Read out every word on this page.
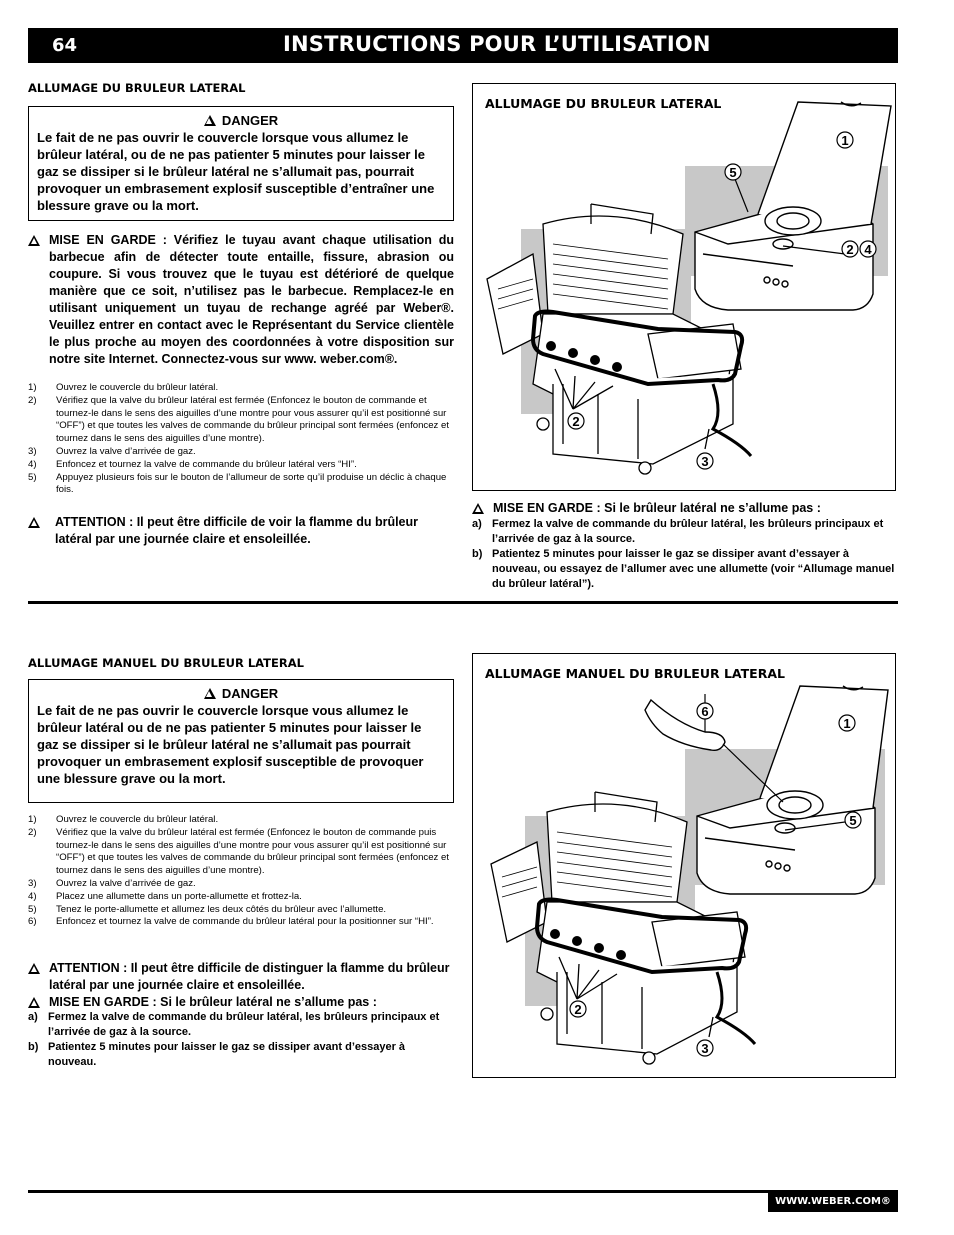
64	INSTRUCTIONS POUR L’UTILISATION
ALLUMAGE DU BRULEUR LATERAL
DANGER
Le fait de ne pas ouvrir le couvercle lorsque vous allumez le brûleur latéral, ou de ne pas patienter 5 minutes pour laisser le gaz se dissiper si le brûleur latéral ne s’allumait pas, pourrait provoquer un embrasement explosif susceptible d’entraîner une blessure grave ou la mort.
MISE EN GARDE : Vérifiez le tuyau avant chaque utilisation du barbecue afin de détecter toute entaille, fissure, abrasion ou coupure. Si vous trouvez que le tuyau est détérioré de quelque manière que ce soit, n’utilisez pas le barbecue. Remplacez-le en utilisant uniquement un tuyau de rechange agréé par Weber®. Veuillez entrer en contact avec le Représentant du Service clientèle le plus proche au moyen des coordonnées à votre disposition sur notre site Internet. Connectez-vous sur www. weber.com®.
1) Ouvrez le couvercle du brûleur latéral.
2) Vérifiez que la valve du brûleur latéral est fermée (Enfoncez le bouton de commande et tournez-le dans le sens des aiguilles d’une montre pour vous assurer qu’il est positionné sur “OFF”) et que toutes les valves de commande du brûleur principal sont fermées (enfoncez et tournez dans le sens des aiguilles d’une montre).
3) Ouvrez la valve d’arrivée de gaz.
4) Enfoncez et tournez la valve de commande du brûleur latéral vers “HI”.
5) Appuyez plusieurs fois sur le bouton de l’allumeur de sorte qu’il produise un déclic à chaque fois.
ATTENTION : Il peut être difficile de voir la flamme du brûleur latéral par une journée claire et ensoleillée.
ALLUMAGE DU BRULEUR LATERAL
1
5
2 4
2
3
MISE EN GARDE : Si le brûleur latéral ne s’allume pas :
a) Fermez la valve de commande du brûleur latéral, les brûleurs principaux et l’arrivée de gaz à la source.
b) Patientez 5 minutes pour laisser le gaz se dissiper avant d’essayer à nouveau, ou essayez de l’allumer avec une allumette (voir “Allumage manuel du brûleur latéral”).
ALLUMAGE MANUEL DU BRULEUR LATERAL
DANGER
Le fait de ne pas ouvrir le couvercle lorsque vous allumez le brûleur latéral ou de ne pas patienter 5 minutes pour laisser le gaz se dissiper si le brûleur latéral ne s’allumait pas pourrait provoquer un embrasement explosif susceptible de provoquer une blessure grave ou la mort.
1) Ouvrez le couvercle du brûleur latéral.
2) Vérifiez que la valve du brûleur latéral est fermée (Enfoncez le bouton de commande puis tournez-le dans le sens des aiguilles d’une montre pour vous assurer qu’il est positionné sur “OFF”) et que toutes les valves de commande du brûleur principal sont fermées (enfoncez et tournez dans le sens des aiguilles d’une montre).
3) Ouvrez la valve d’arrivée de gaz.
4) Placez une allumette dans un porte-allumette et frottez-la.
5) Tenez le porte-allumette et allumez les deux côtés du brûleur avec l’allumette.
6) Enfoncez et tournez la valve de commande du brûleur latéral pour la positionner sur “HI”.
ATTENTION : Il peut être difficile de distinguer la flamme du brûleur latéral par une journée claire et ensoleillée.
MISE EN GARDE : Si le brûleur latéral ne s’allume pas :
a) Fermez la valve de commande du brûleur latéral, les brûleurs principaux et l’arrivée de gaz à la source.
b) Patientez 5 minutes pour laisser le gaz se dissiper avant d’essayer à nouveau.
ALLUMAGE MANUEL DU BRULEUR LATERAL
6
1
5
2
3
WWW.WEBER.COM®
